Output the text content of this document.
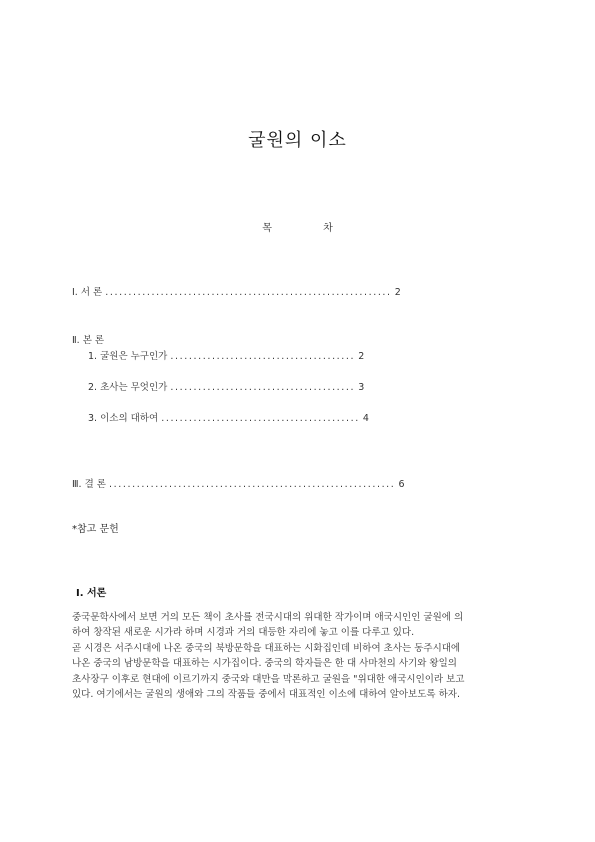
굴원의 이소
목	차
Ⅰ. 서 론 .............................................................. 2
Ⅱ. 본 론
1. 굴원은 누구인가 ........................................ 2
2. 초사는 무엇인가 ........................................ 3
3. 이소의 대하여 ........................................... 4
Ⅲ. 결 론 .............................................................. 6
*참고 문헌
Ⅰ. 서론

중국문학사에서 보면 거의 모든 책이 초사를 전국시대의 위대한 작가이며 애국시인인 굴원에 의

하여 창작된 새로운 시가라 하며 시경과 거의 대등한 자리에 놓고 이를 다루고 있다.

곧 시경은 서주시대에 나온 중국의 북방문학을 대표하는 시화집인데 비하여 초사는 동주시대에

나온 중국의 남방문학을 대표하는 시가집이다. 중국의 학자들은 한 대 사마천의 사기와 왕일의

초사장구 이후로 현대에 이르기까지 중국와 대만을 막론하고 굴원을 "위대한 애국시인이라 보고

있다. 여기에서는 굴원의 생애와 그의 작품들 중에서 대표적인 이소에 대하여 알아보도록 하자.
